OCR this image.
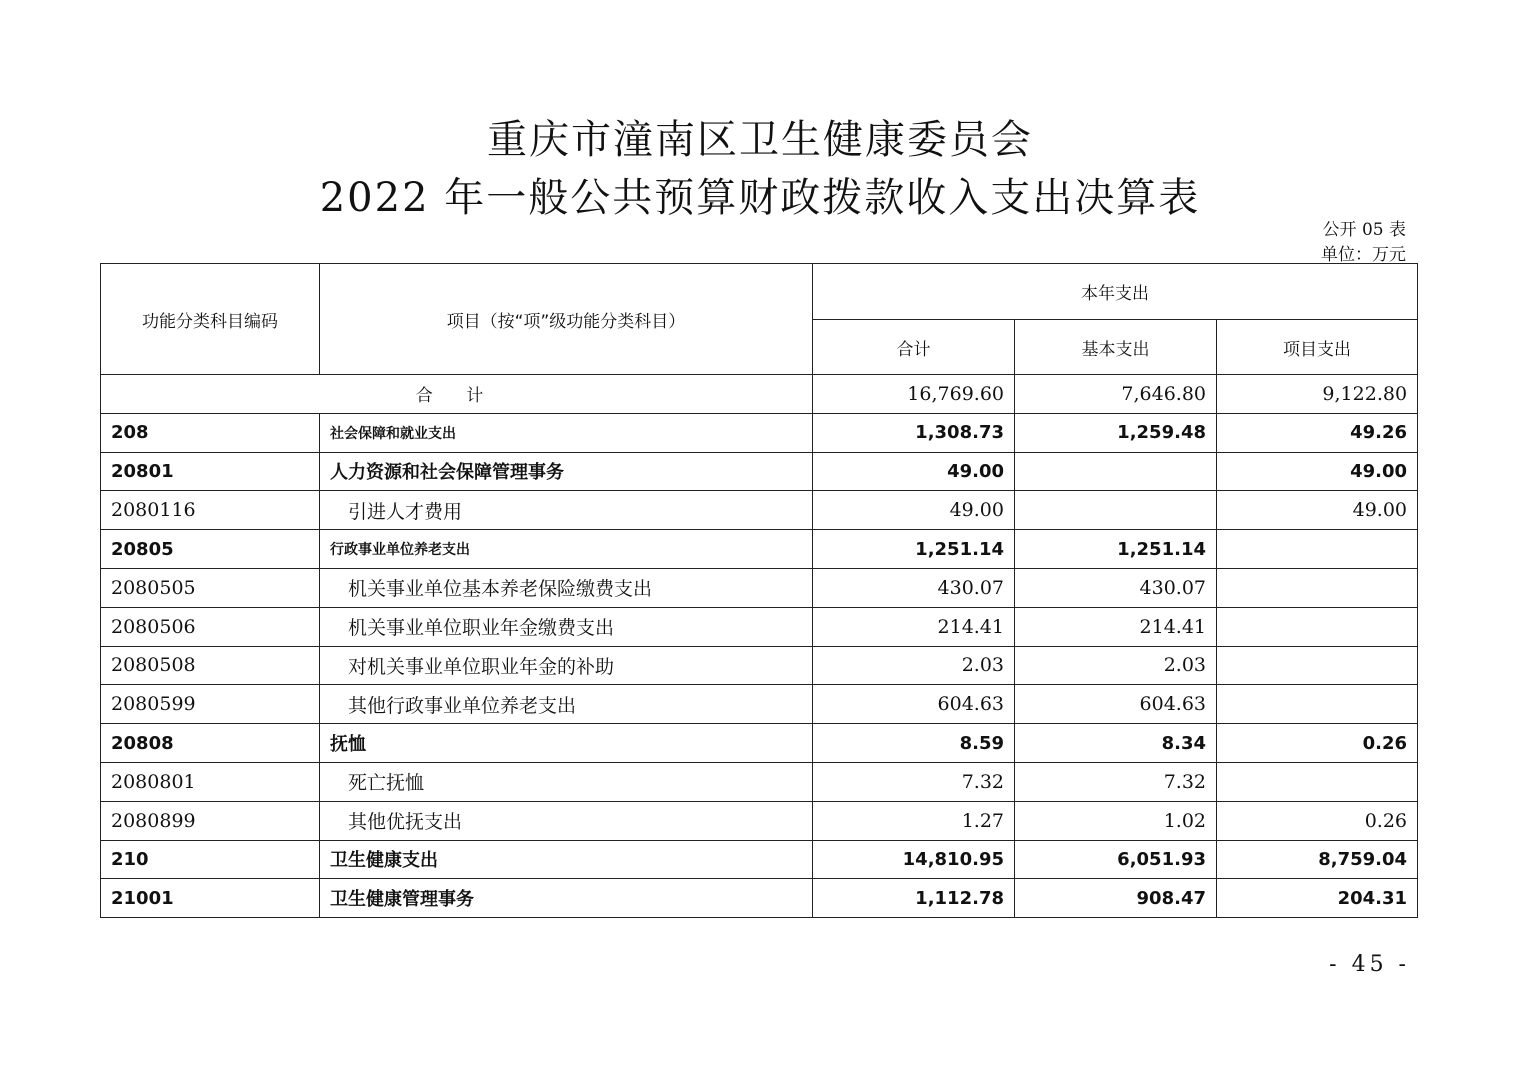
重庆市潼南区卫生健康委员会
2022 年一般公共预算财政拨款收入支出决算表
公开 05 表
单位：万元
功能分类科目编码	项目（按“项”级功能分类科目）	本年支出		
		合计	基本支出	项目支出
合 计		16,769.60	7,646.80	9,122.80
208	社会保障和就业支出	1,308.73	1,259.48	49.26
20801	人力资源和社会保障管理事务	49.00		49.00
2080116	引进人才费用	49.00		49.00
20805	行政事业单位养老支出	1,251.14	1,251.14	
2080505	机关事业单位基本养老保险缴费支出	430.07	430.07	
2080506	机关事业单位职业年金缴费支出	214.41	214.41	
2080508	对机关事业单位职业年金的补助	2.03	2.03	
2080599	其他行政事业单位养老支出	604.63	604.63	
20808	抚恤	8.59	8.34	0.26
2080801	死亡抚恤	7.32	7.32	
2080899	其他优抚支出	1.27	1.02	0.26
210	卫生健康支出	14,810.95	6,051.93	8,759.04
21001	卫生健康管理事务	1,112.78	908.47	204.31
- 45 -
